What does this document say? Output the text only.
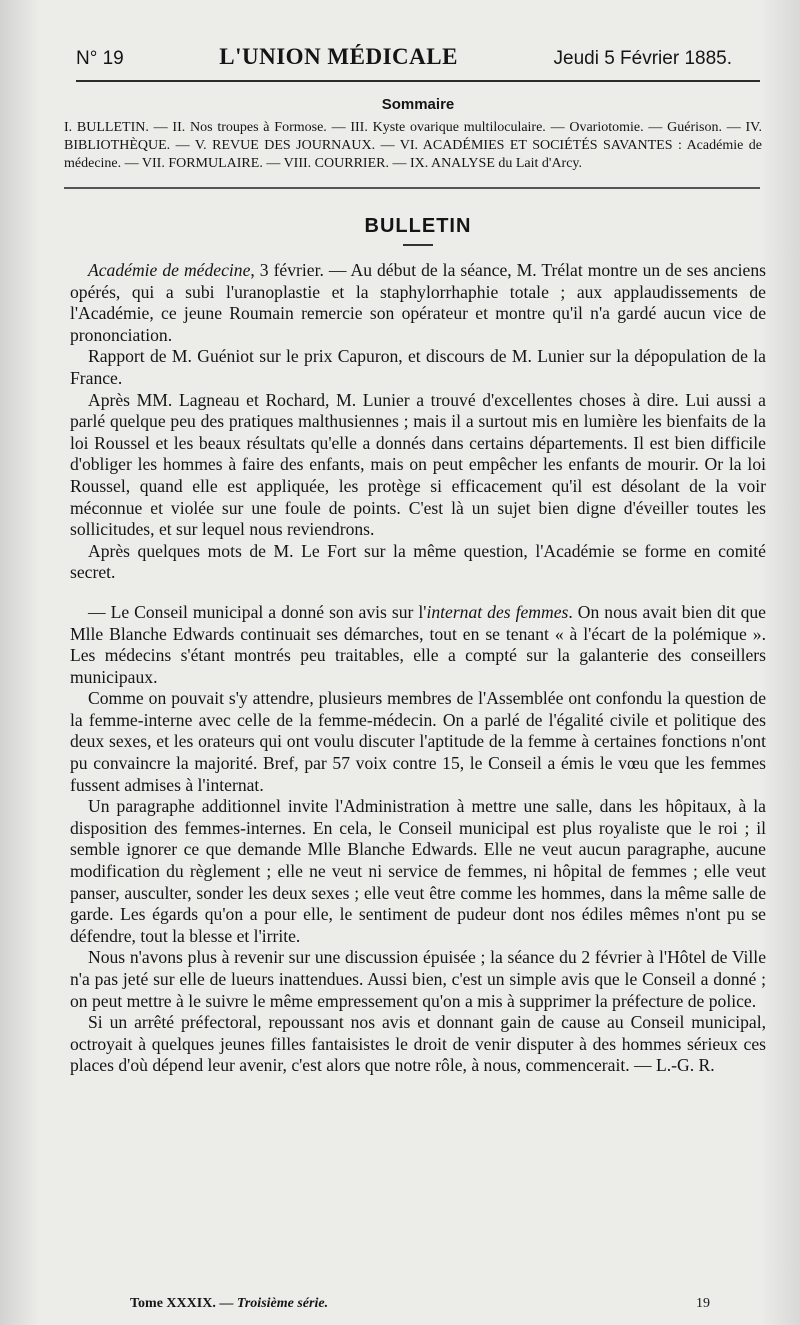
N° 19	L'UNION MÉDICALE	Jeudi 5 Février 1885.
Sommaire
I. BULLETIN. — II. Nos troupes à Formose. — III. Kyste ovarique multiloculaire. — Ovariotomie. — Guérison. — IV. BIBLIOTHÈQUE. — V. REVUE DES JOURNAUX. — VI. ACADÉMIES ET SOCIÉTÉS SAVANTES : Académie de médecine. — VII. FORMULAIRE. — VIII. COURRIER. — IX. ANALYSE du Lait d'Arcy.
BULLETIN

Académie de médecine, 3 février. — Au début de la séance, M. Trélat montre un de ses anciens opérés, qui a subi l'uranoplastie et la staphylorrhaphie totale ; aux applaudissements de l'Académie, ce jeune Roumain remercie son opérateur et montre qu'il n'a gardé aucun vice de prononciation.

Rapport de M. Guéniot sur le prix Capuron, et discours de M. Lunier sur la dépopulation de la France.

Après MM. Lagneau et Rochard, M. Lunier a trouvé d'excellentes choses à dire. Lui aussi a parlé quelque peu des pratiques malthusiennes ; mais il a surtout mis en lumière les bienfaits de la loi Roussel et les beaux résultats qu'elle a donnés dans certains départements. Il est bien difficile d'obliger les hommes à faire des enfants, mais on peut empêcher les enfants de mourir. Or la loi Roussel, quand elle est appliquée, les protège si efficacement qu'il est désolant de la voir méconnue et violée sur une foule de points. C'est là un sujet bien digne d'éveiller toutes les sollicitudes, et sur lequel nous reviendrons.

Après quelques mots de M. Le Fort sur la même question, l'Académie se forme en comité secret.

— Le Conseil municipal a donné son avis sur l'internat des femmes. On nous avait bien dit que Mlle Blanche Edwards continuait ses démarches, tout en se tenant « à l'écart de la polémique ». Les médecins s'étant montrés peu traitables, elle a compté sur la galanterie des conseillers municipaux.

Comme on pouvait s'y attendre, plusieurs membres de l'Assemblée ont confondu la question de la femme-interne avec celle de la femme-médecin. On a parlé de l'égalité civile et politique des deux sexes, et les orateurs qui ont voulu discuter l'aptitude de la femme à certaines fonctions n'ont pu convaincre la majorité. Bref, par 57 voix contre 15, le Conseil a émis le vœu que les femmes fussent admises à l'internat.

Un paragraphe additionnel invite l'Administration à mettre une salle, dans les hôpitaux, à la disposition des femmes-internes. En cela, le Conseil municipal est plus royaliste que le roi ; il semble ignorer ce que demande Mlle Blanche Edwards. Elle ne veut aucun paragraphe, aucune modification du règlement ; elle ne veut ni service de femmes, ni hôpital de femmes ; elle veut panser, ausculter, sonder les deux sexes ; elle veut être comme les hommes, dans la même salle de garde. Les égards qu'on a pour elle, le sentiment de pudeur dont nos édiles mêmes n'ont pu se défendre, tout la blesse et l'irrite.

Nous n'avons plus à revenir sur une discussion épuisée ; la séance du 2 février à l'Hôtel de Ville n'a pas jeté sur elle de lueurs inattendues. Aussi bien, c'est un simple avis que le Conseil a donné ; on peut mettre à le suivre le même empressement qu'on a mis à supprimer la préfecture de police.

Si un arrêté préfectoral, repoussant nos avis et donnant gain de cause au Conseil municipal, octroyait à quelques jeunes filles fantaisistes le droit de venir disputer à des hommes sérieux ces places d'où dépend leur avenir, c'est alors que notre rôle, à nous, commencerait. — L.-G. R.

Tome XXXIX. — Troisième série.	19
